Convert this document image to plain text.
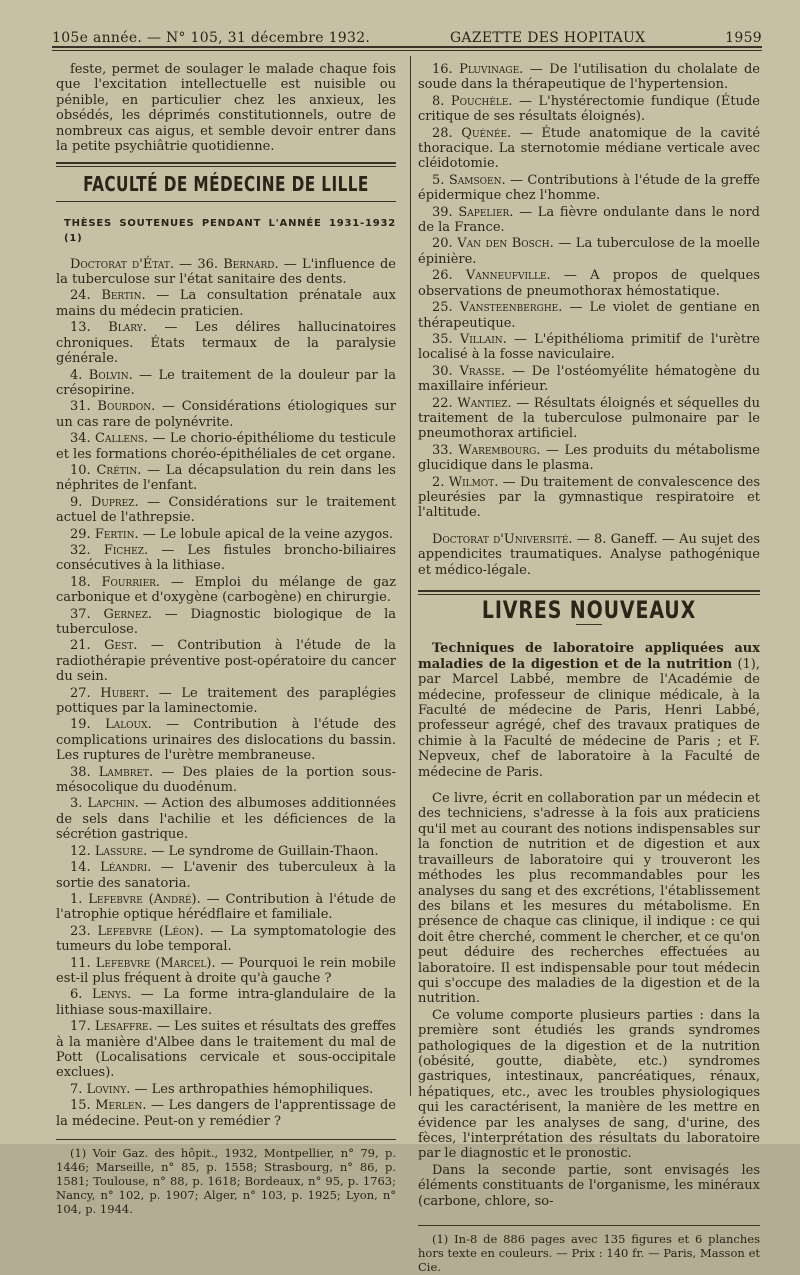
105e année. — N° 105, 31 décembre 1932.	GAZETTE DES HOPITAUX	1959

feste, permet de soulager le malade chaque fois que l'excitation intellectuelle est nuisible ou pénible, en particulier chez les anxieux, les obsédés, les déprimés constitutionnels, outre de nombreux cas aigus, et semble devoir entrer dans la petite psychiâtrie quotidienne.

FACULTÉ DE MÉDECINE DE LILLE
THÈSES SOUTENUES PENDANT L'ANNÉE 1931-1932 (1)

Doctorat d'État. — 36. Bernard. — L'influence de la tuberculose sur l'état sanitaire des dents.

24. Bertin. — La consultation prénatale aux mains du médecin praticien.

13. Blary. — Les délires hallucinatoires chroniques. États termaux de la paralysie générale.

4. Bolvin. — Le traitement de la douleur par la crésopirine.

31. Bourdon. — Considérations étiologiques sur un cas rare de polynévrite.

34. Callens. — Le chorio-épithéliome du testicule et les formations choréo-épithéliales de cet organe.

10. Crétin. — La décapsulation du rein dans les néphrites de l'enfant.

9. Duprez. — Considérations sur le traitement actuel de l'athrepsie.

29. Fertin. — Le lobule apical de la veine azygos.

32. Fichez. — Les fistules broncho-biliaires consécutives à la lithiase.

18. Fourrier. — Emploi du mélange de gaz carbonique et d'oxygène (carbogène) en chirurgie.

37. Gernez. — Diagnostic biologique de la tuberculose.

21. Gest. — Contribution à l'étude de la radiothérapie préventive post-opératoire du cancer du sein.

27. Hubert. — Le traitement des paraplégies pottiques par la laminectomie.

19. Laloux. — Contribution à l'étude des complications urinaires des dislocations du bassin. Les ruptures de l'urètre membraneuse.

38. Lambret. — Des plaies de la portion sous-mésocolique du duodénum.

3. Lapchin. — Action des albumoses additionnées de sels dans l'achilie et les déficiences de la sécrétion gastrique.

12. Lassure. — Le syndrome de Guillain-Thaon.

14. Léandri. — L'avenir des tuberculeux à la sortie des sanatoria.

1. Lefebvre (André). — Contribution à l'étude de l'atrophie optique hérédflaire et familiale.

23. Lefebvre (Léon). — La symptomatologie des tumeurs du lobe temporal.

11. Lefebvre (Marcel). — Pourquoi le rein mobile est-il plus fréquent à droite qu'à gauche ?

6. Lenys. — La forme intra-glandulaire de la lithiase sous-maxillaire.

17. Lesaffre. — Les suites et résultats des greffes à la manière d'Albee dans le traitement du mal de Pott (Localisations cervicale et sous-occipitale exclues).

7. Loviny. — Les arthropathies hémophiliques.

15. Merlen. — Les dangers de l'apprentissage de la médecine. Peut-on y remédier ?

(1) Voir Gaz. des hôpit., 1932, Montpellier, n° 79, p. 1446; Marseille, n° 85, p. 1558; Strasbourg, n° 86, p. 1581; Toulouse, n° 88, p. 1618; Bordeaux, n° 95, p. 1763; Nancy, n° 102, p. 1907; Alger, n° 103, p. 1925; Lyon, n° 104, p. 1944.

16. Pluvinage. — De l'utilisation du cholalate de soude dans la thérapeutique de l'hypertension.

8. Pouchèle. — L'hystérectomie fundique (Étude critique de ses résultats éloignés).

28. Quénée. — Étude anatomique de la cavité thoracique. La sternotomie médiane verticale avec cléidotomie.

5. Samsoen. — Contributions à l'étude de la greffe épidermique chez l'homme.

39. Sapelier. — La fièvre ondulante dans le nord de la France.

20. Van den Bosch. — La tuberculose de la moelle épinière.

26. Vanneufville. — A propos de quelques observations de pneumothorax hémostatique.

25. Vansteenberghe. — Le violet de gentiane en thérapeutique.

35. Villain. — L'épithélioma primitif de l'urètre localisé à la fosse naviculaire.

30. Vrasse. — De l'ostéomyélite hématogène du maxillaire inférieur.

22. Wantiez. — Résultats éloignés et séquelles du traitement de la tuberculose pulmonaire par le pneumothorax artificiel.

33. Warembourg. — Les produits du métabolisme glucidique dans le plasma.

2. Wilmot. — Du traitement de convalescence des pleurésies par la gymnastique respiratoire et l'altitude.

Doctorat d'Université. — 8. Ganeff. — Au sujet des appendicites traumatiques. Analyse pathogénique et médico-légale.

LIVRES NOUVEAUX

Techniques de laboratoire appliquées aux maladies de la digestion et de la nutrition (1), par Marcel Labbé, membre de l'Académie de médecine, professeur de clinique médicale, à la Faculté de médecine de Paris, Henri Labbé, professeur agrégé, chef des travaux pratiques de chimie à la Faculté de médecine de Paris ; et F. Nepveux, chef de laboratoire à la Faculté de médecine de Paris.

Ce livre, écrit en collaboration par un médecin et des techniciens, s'adresse à la fois aux praticiens qu'il met au courant des notions indispensables sur la fonction de nutrition et de digestion et aux travailleurs de laboratoire qui y trouveront les méthodes les plus recommandables pour les analyses du sang et des excrétions, l'établissement des bilans et les mesures du métabolisme. En présence de chaque cas clinique, il indique : ce qui doit être cherché, comment le chercher, et ce qu'on peut déduire des recherches effectuées au laboratoire. Il est indispensable pour tout médecin qui s'occupe des maladies de la digestion et de la nutrition.

Ce volume comporte plusieurs parties : dans la première sont étudiés les grands syndromes pathologiques de la digestion et de la nutrition (obésité, goutte, diabète, etc.) syndromes gastriques, intestinaux, pancréatiques, rénaux, hépatiques, etc., avec les troubles physiologiques qui les caractérisent, la manière de les mettre en évidence par les analyses de sang, d'urine, des fèces, l'interprétation des résultats du laboratoire par le diagnostic et le pronostic.

Dans la seconde partie, sont envisagés les éléments constituants de l'organisme, les minéraux (carbone, chlore, so-

(1) In-8 de 886 pages avec 135 figures et 6 planches hors texte en couleurs. — Prix : 140 fr. — Paris, Masson et Cie.
